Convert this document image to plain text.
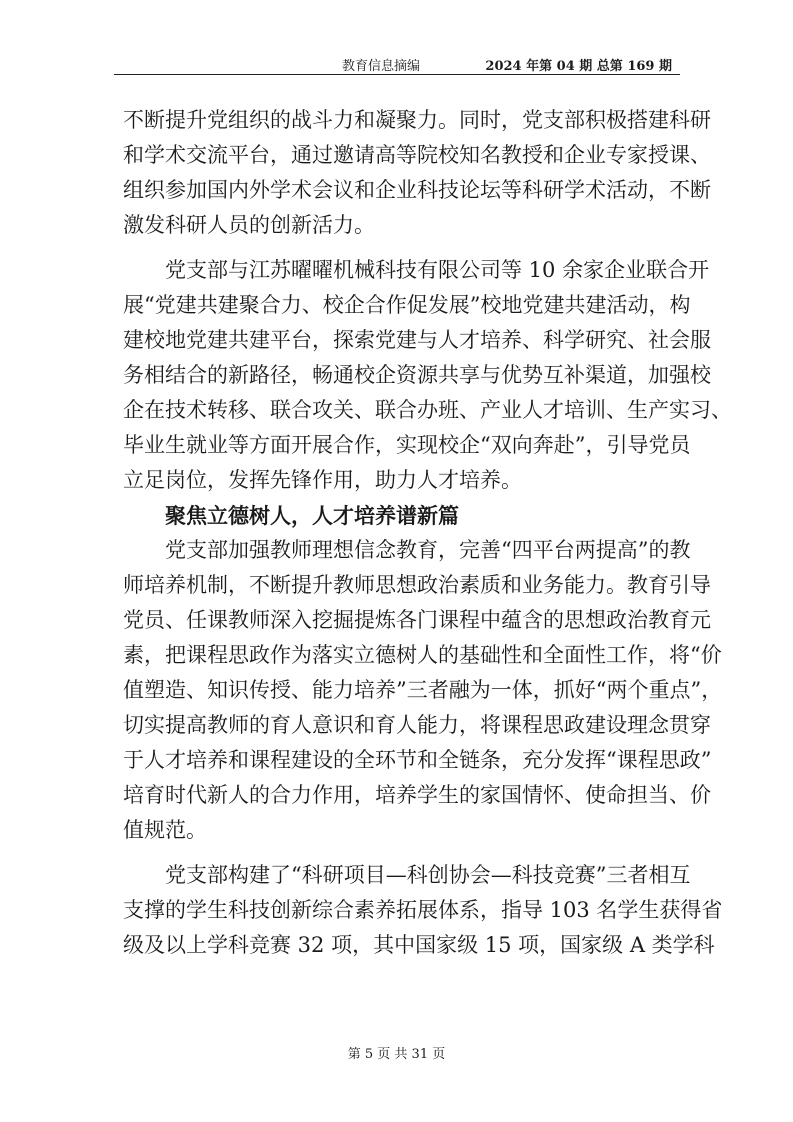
教育信息摘编	2024 年第 04 期 总第 169 期
不断提升党组织的战斗力和凝聚力。同时，党支部积极搭建科研
和学术交流平台，通过邀请高等院校知名教授和企业专家授课、
组织参加国内外学术会议和企业科技论坛等科研学术活动，不断
激发科研人员的创新活力。
党支部与江苏曜曜机械科技有限公司等 10 余家企业联合开
展“党建共建聚合力、校企合作促发展”校地党建共建活动，构
建校地党建共建平台，探索党建与人才培养、科学研究、社会服
务相结合的新路径，畅通校企资源共享与优势互补渠道，加强校
企在技术转移、联合攻关、联合办班、产业人才培训、生产实习、
毕业生就业等方面开展合作，实现校企“双向奔赴”，引导党员
立足岗位，发挥先锋作用，助力人才培养。
聚焦立德树人，人才培养谱新篇
党支部加强教师理想信念教育，完善“四平台两提高”的教
师培养机制，不断提升教师思想政治素质和业务能力。教育引导
党员、任课教师深入挖掘提炼各门课程中蕴含的思想政治教育元
素，把课程思政作为落实立德树人的基础性和全面性工作，将“价
值塑造、知识传授、能力培养”三者融为一体，抓好“两个重点”，
切实提高教师的育人意识和育人能力，将课程思政建设理念贯穿
于人才培养和课程建设的全环节和全链条，充分发挥“课程思政”
培育时代新人的合力作用，培养学生的家国情怀、使命担当、价
值规范。
党支部构建了“科研项目—科创协会—科技竞赛”三者相互
支撑的学生科技创新综合素养拓展体系，指导 103 名学生获得省
级及以上学科竞赛 32 项，其中国家级 15 项，国家级 A 类学科
第 5 页 共 31 页
